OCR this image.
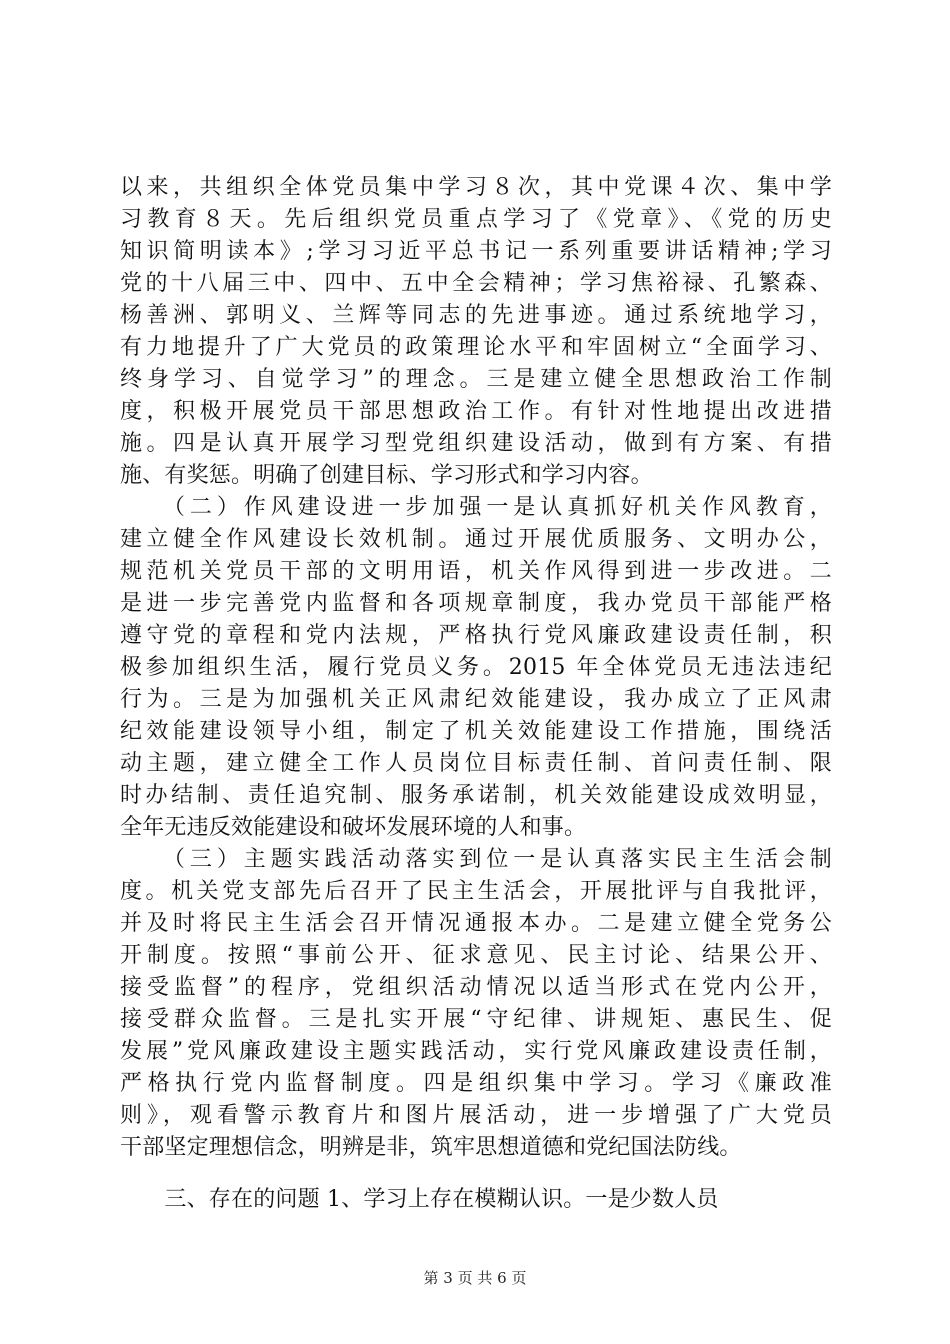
以来，共组织全体党员集中学习８次，其中党课４次、集中学
习教育８天。先后组织党员重点学习了《党章》、《党的历史
知识简明读本》;学习习近平总书记一系列重要讲话精神;学习
党的十八届三中、四中、五中全会精神；学习焦裕禄、孔繁森、
杨善洲、郭明义、兰辉等同志的先进事迹。通过系统地学习，
有力地提升了广大党员的政策理论水平和牢固树立“全面学习、
终身学习、自觉学习”的理念。三是建立健全思想政治工作制
度，积极开展党员干部思想政治工作。有针对性地提出改进措
施。四是认真开展学习型党组织建设活动，做到有方案、有措
施、有奖惩。明确了创建目标、学习形式和学习内容。
　　（二）作风建设进一步加强一是认真抓好机关作风教育，
建立健全作风建设长效机制。通过开展优质服务、文明办公，
规范机关党员干部的文明用语，机关作风得到进一步改进。二
是进一步完善党内监督和各项规章制度，我办党员干部能严格
遵守党的章程和党内法规，严格执行党风廉政建设责任制，积
极参加组织生活，履行党员义务。2015 年全体党员无违法违纪
行为。三是为加强机关正风肃纪效能建设，我办成立了正风肃
纪效能建设领导小组，制定了机关效能建设工作措施，围绕活
动主题，建立健全工作人员岗位目标责任制、首问责任制、限
时办结制、责任追究制、服务承诺制，机关效能建设成效明显，
全年无违反效能建设和破坏发展环境的人和事。
　　（三）主题实践活动落实到位一是认真落实民主生活会制
度。机关党支部先后召开了民主生活会，开展批评与自我批评，
并及时将民主生活会召开情况通报本办。二是建立健全党务公
开制度。按照“事前公开、征求意见、民主讨论、结果公开、
接受监督”的程序，党组织活动情况以适当形式在党内公开，
接受群众监督。三是扎实开展“守纪律、讲规矩、惠民生、促
发展”党风廉政建设主题实践活动，实行党风廉政建设责任制，
严格执行党内监督制度。四是组织集中学习。学习《廉政准
则》，观看警示教育片和图片展活动，进一步增强了广大党员
干部坚定理想信念，明辨是非，筑牢思想道德和党纪国法防线。
　　三、存在的问题 1、学习上存在模糊认识。一是少数人员
第 3 页 共 6 页
